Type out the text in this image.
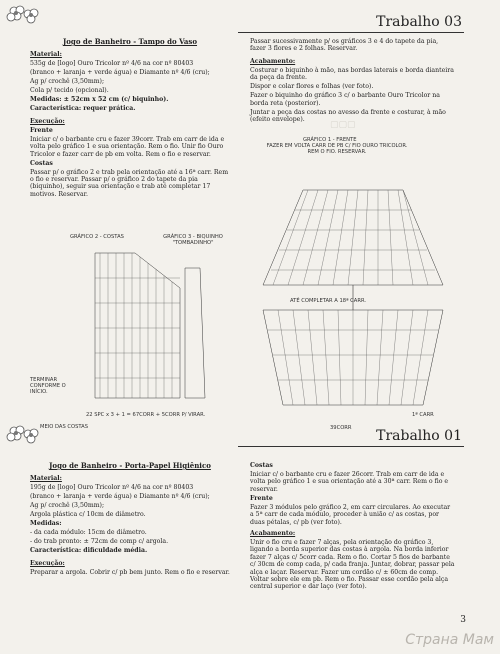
Trabalho 03
▢▢▢

Jogo de Banheiro - Tampo do Vaso

Material:

535g de [logo] Ouro Tricolor nº 4/6 na cor nº 80403

(branco + laranja + verde água) e Diamante nº 4/6 (cru);

Ag p/ crochê (3,50mm);

Cola p/ tecido (opcional).

Medidas: ± 52cm x 52 cm (c/ biquinho).

Característica: requer prática.

Execução:

Frente

Iniciar c/ o barbante cru e fazer 39corr. Trab em carr de ida e volta pelo gráfico 1 e sua orientação. Rem o fio. Unir fio Ouro Tricolor e fazer carr de pb em volta. Rem o fio e reservar.

Costas

Passar p/ o gráfico 2 e trab pela orientação até a 16ª carr. Rem o fio e reservar. Passar p/ o gráfico 2 do tapete da pia (biquinho), seguir sua orientação e trab até completar 17 motivos. Reservar.

Passar sucessivamente p/ os gráficos 3 e 4 do tapete da pia, fazer 3 flores e 2 folhas. Reservar.

Acabamento:

Costurar o biquinho à mão, nas bordas laterais e borda dianteira da peça da frente.

Dispor e colar flores e folhas (ver foto).

Fazer o biquinho do gráfico 3 c/ o barbante Ouro Tricolor na borda reta (posterior).

Juntar a peça das costas no avesso da frente e costurar, à mão (efeito envelope).

GRÁFICO 1 - FRENTE
FAZER EM VOLTA CARR DE PB C/ FIO OURO TRICOLOR. REM O FIO. RESERVAR.
ATÉ COMPLETAR A 18ª CARR.
39CORR
1ª CARR
GRÁFICO 2 - COSTAS	GRÁFICO 3 - BIQUINHO "TOMBADINHO"
TERMINAR CONFORME O INÍCIO.
22 SPC x 3 + 1 = 67CORR + 5CORR P/ VIRAR.
MEIO DAS COSTAS
Trabalho 01

Jogo de Banheiro - Porta-Papel Higiênico

Material:

195g de [logo] Ouro Tricolor nº 4/6 na cor nº 80403

(branco + laranja + verde água) e Diamante nº 4/6 (cru);

Ag p/ crochê (3,50mm);

Argola plástica c/ 10cm de diâmetro.

Medidas:

- da cada módulo: 15cm de diâmetro.

- do trab pronto: ± 72cm de comp c/ argola.

Característica: dificuldade média.

Execução:

Preparar a argola. Cobrir c/ pb bem junto. Rem o fio e reservar.

Costas

Iniciar c/ o barbante cru e fazer 26corr. Trab em carr de ida e volta pelo gráfico 1 e sua orientação até a 30ª carr. Rem o fio e reservar.

Frente

Fazer 3 módulos pelo gráfico 2, em carr circulares. Ao executar a 5ª carr de cada módulo, proceder à união c/ as costas, por duas pétalas, c/ pb (ver foto).

Acabamento:

Unir o fio cru e fazer 7 alças, pela orientação do gráfico 3, ligando a borda superior das costas à argola. Na borda inferior fazer 7 alças c/ 5corr cada. Rem o fio. Cortar 5 fios de barbante c/ 30cm de comp cada, p/ cada franja. Juntar, dobrar, passar pela alça e laçar. Reservar. Fazer um cordão c/ ± 60cm de comp. Voltar sobre ele em pb. Rem o fio. Passar esse cordão pela alça central superior e dar laço (ver foto).

3
Страна Мам
